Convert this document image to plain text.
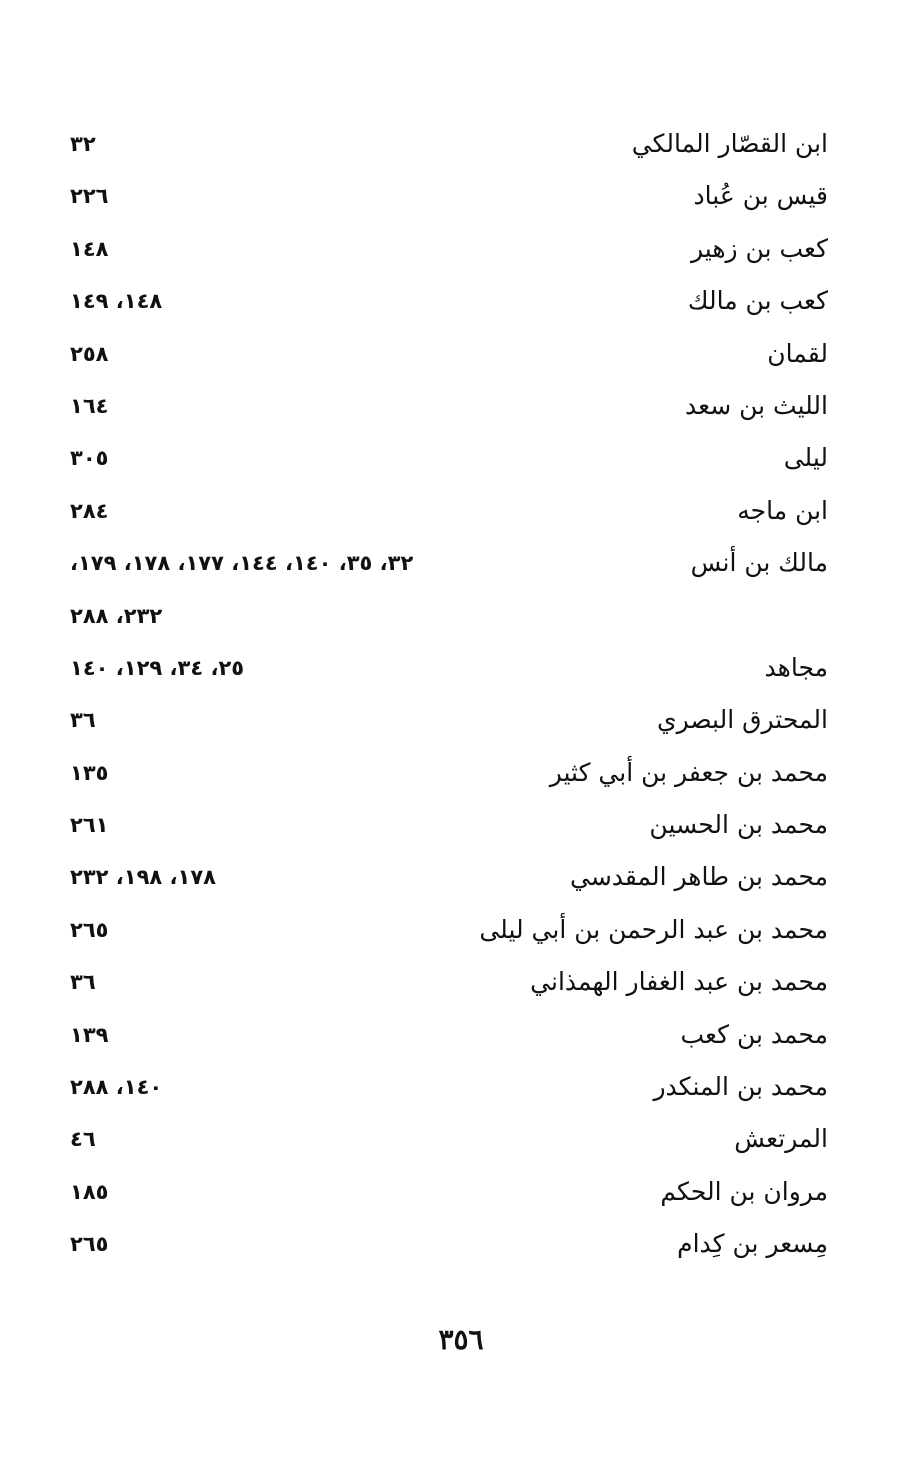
ابن القصّار المالكي
٣٢
قيس بن عُباد
٢٢٦
كعب بن زهير
١٤٨
كعب بن مالك
١٤٨، ١٤٩
لقمان
٢٥٨
الليث بن سعد
١٦٤
ليلى
٣٠٥
ابن ماجه
٢٨٤
مالك بن أنس
٣٢، ٣٥، ١٤٠، ١٤٤، ١٧٧، ١٧٨، ١٧٩،
٢٣٢، ٢٨٨
مجاهد
٢٥، ٣٤، ١٢٩، ١٤٠
المحترق البصري
٣٦
محمد بن جعفر بن أبي كثير
١٣٥
محمد بن الحسين
٢٦١
محمد بن طاهر المقدسي
١٧٨، ١٩٨، ٢٣٢
محمد بن عبد الرحمن بن أبي ليلى
٢٦٥
محمد بن عبد الغفار الهمذاني
٣٦
محمد بن كعب
١٣٩
محمد بن المنكدر
١٤٠، ٢٨٨
المرتعش
٤٦
مروان بن الحكم
١٨٥
مِسعر بن كِدام
٢٦٥
٣٥٦
